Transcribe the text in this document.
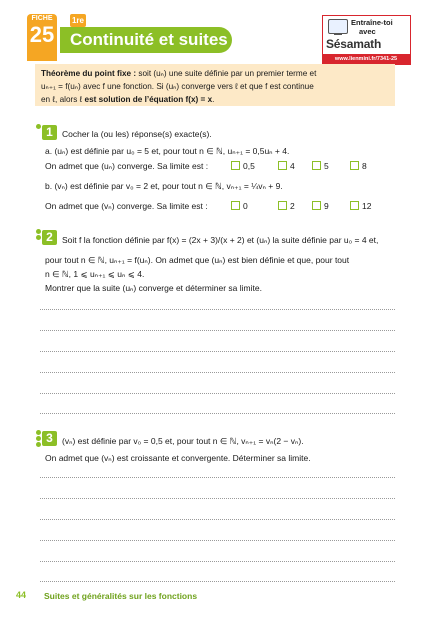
FICHE
25
1re
Continuité et suites
Entraîne-toi
avec
Sésamath
www.lienmini.fr/7341-25
Théorème du point fixe : soit (uₙ) une suite définie par un premier terme et
uₙ₊₁ = f(uₙ) avec f une fonction. Si (uₙ) converge vers ℓ et que f est continue
en ℓ, alors ℓ est solution de l’équation f(x) = x.
1	Cocher la (ou les) réponse(s) exacte(s).
a. (uₙ) est définie par u₀ = 5 et, pour tout n ∈ ℕ, uₙ₊₁ = 0,5uₙ + 4.
On admet que (uₙ) converge. Sa limite est :	0,5	4	5	8
b. (vₙ) est définie par v₀ = 2 et, pour tout n ∈ ℕ, vₙ₊₁ = ¼vₙ + 9.
On admet que (vₙ) converge. Sa limite est :	0	2	9	12
2	Soit f la fonction définie par f(x) = (2x + 3)/(x + 2) et (uₙ) la suite définie par u₀ = 4 et,
pour tout n ∈ ℕ, uₙ₊₁ = f(uₙ). On admet que (uₙ) est bien définie et que, pour tout
n ∈ ℕ, 1 ⩽ uₙ₊₁ ⩽ uₙ ⩽ 4.
Montrer que la suite (uₙ) converge et déterminer sa limite.
3	(vₙ) est définie par v₀ = 0,5 et, pour tout n ∈ ℕ, vₙ₊₁ = vₙ(2 − vₙ).
On admet que (vₙ) est croissante et convergente. Déterminer sa limite.
44 Suites et généralités sur les fonctions
